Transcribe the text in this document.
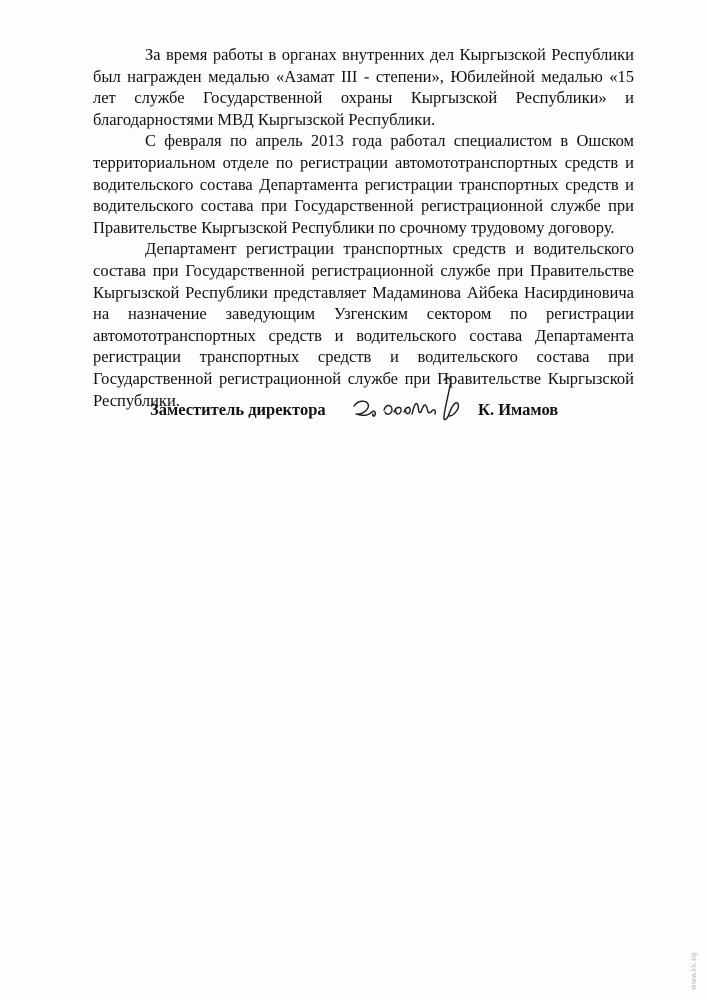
За время работы в органах внутренних дел Кыргызской Республики был награжден медалью «Азамат III - степени», Юбилейной медалью «15 лет службе Государственной охраны Кыргызской Республики» и благодарностями МВД Кыргызской Республики.

С февраля по апрель 2013 года работал специалистом в Ошском территориальном отделе по регистрации автомототранспортных средств и водительского состава Департамента регистрации транспортных средств и водительского состава при Государственной регистрационной службе при Правительстве Кыргызской Республики по срочному трудовому договору.

Департамент регистрации транспортных средств и водительского состава при Государственной регистрационной службе при Правительстве Кыргызской Республики представляет Мадаминова Айбека Насирдиновича на назначение заведующим Узгенским сектором по регистрации автомототранспортных средств и водительского состава Департамента регистрации транспортных средств и водительского состава при Государственной регистрационной службе при Правительстве Кыргызской Республики.

Заместитель директора	К. Имамов
www.kk.kg
